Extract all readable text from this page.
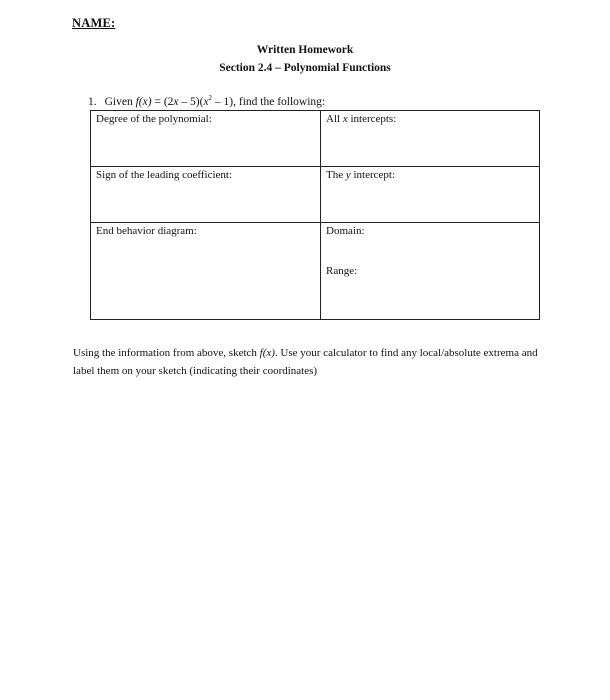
NAME:
Written Homework
Section 2.4 – Polynomial Functions
1. Given $f(x) = (2x - 5)(x^2 - 1)$, find the following:
Degree of the polynomial:	All x intercepts:
Sign of the leading coefficient:	The y intercept:
End behavior diagram:	Domain:
Range:
Using the information from above, sketch f(x). Use your calculator to find any local/absolute extrema and label them on your sketch (indicating their coordinates)
